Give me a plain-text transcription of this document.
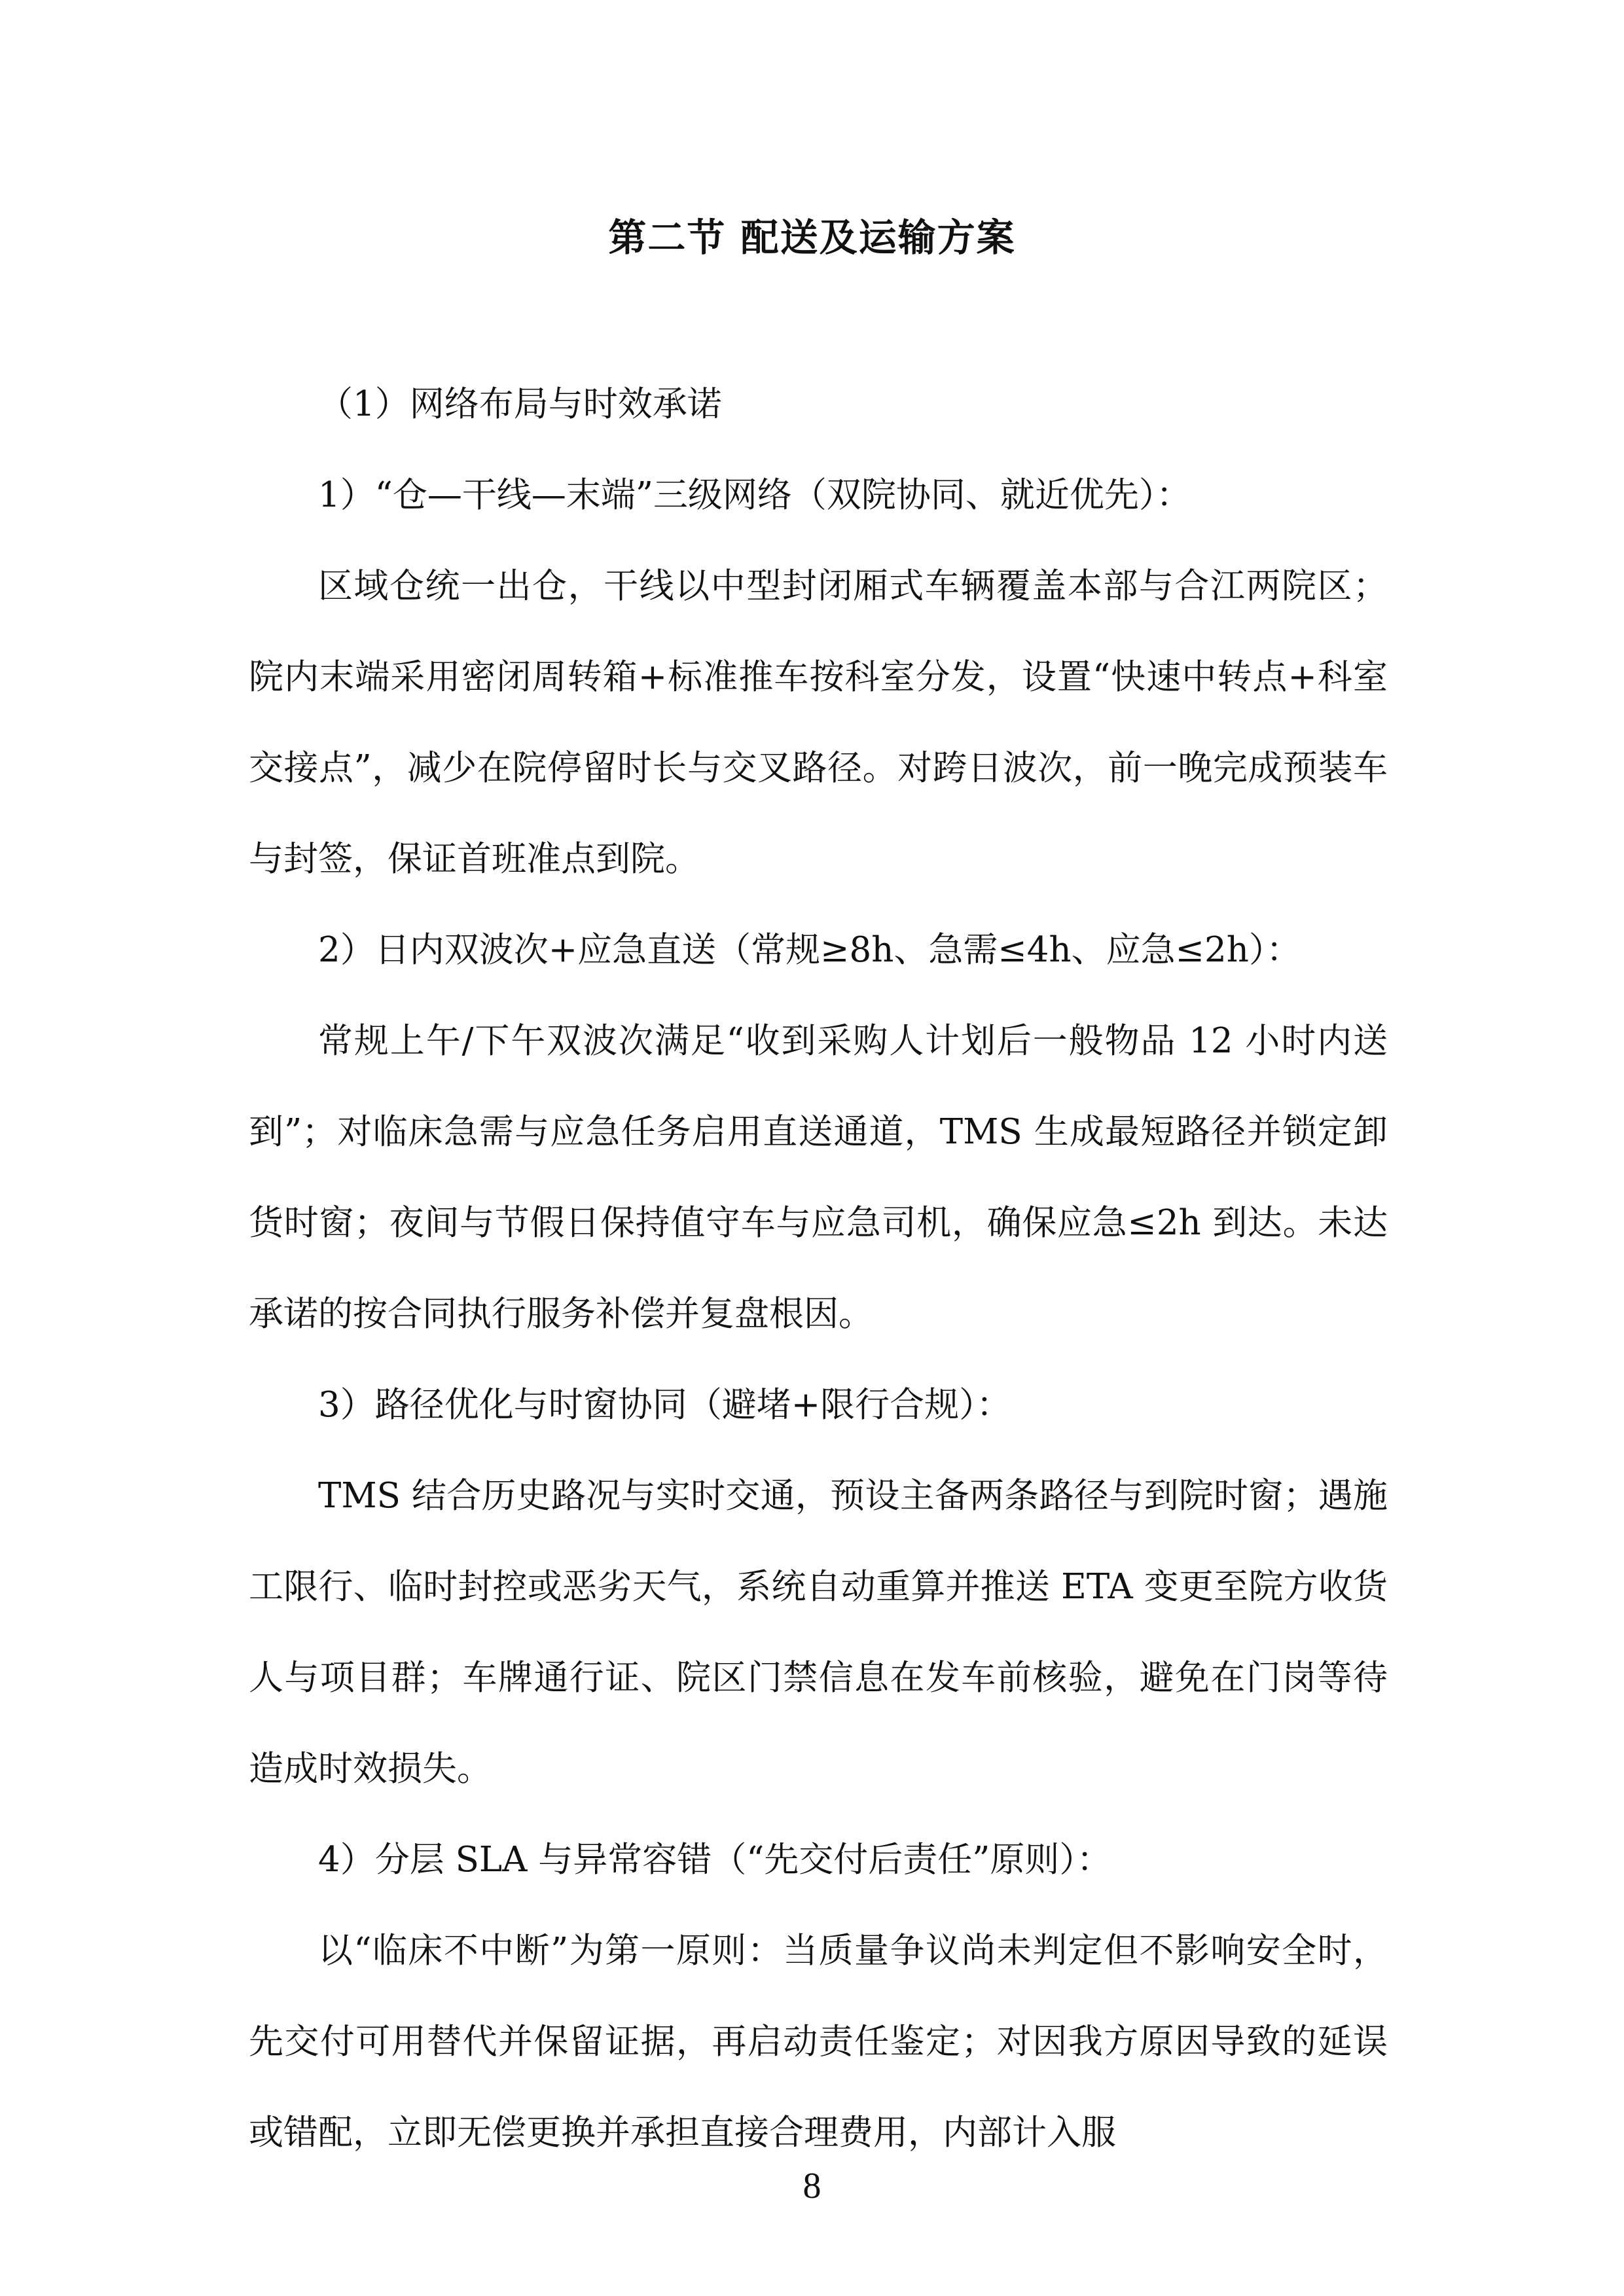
第二节 配送及运输方案

（1）网络布局与时效承诺

1）“仓—干线—末端”三级网络（双院协同、就近优先）：

区域仓统一出仓，干线以中型封闭厢式车辆覆盖本部与合江两院区；院内末端采用密闭周转箱+标准推车按科室分发，设置“快速中转点+科室交接点”，减少在院停留时长与交叉路径。对跨日波次，前一晚完成预装车与封签，保证首班准点到院。

2）日内双波次+应急直送（常规≥8h、急需≤4h、应急≤2h）：

常规上午/下午双波次满足“收到采购人计划后一般物品 12 小时内送到”；对临床急需与应急任务启用直送通道，TMS 生成最短路径并锁定卸货时窗；夜间与节假日保持值守车与应急司机，确保应急≤2h 到达。未达承诺的按合同执行服务补偿并复盘根因。

3）路径优化与时窗协同（避堵+限行合规）：

TMS 结合历史路况与实时交通，预设主备两条路径与到院时窗；遇施工限行、临时封控或恶劣天气，系统自动重算并推送 ETA 变更至院方收货人与项目群；车牌通行证、院区门禁信息在发车前核验，避免在门岗等待造成时效损失。

4）分层 SLA 与异常容错（“先交付后责任”原则）：

以“临床不中断”为第一原则：当质量争议尚未判定但不影响安全时，先交付可用替代并保留证据，再启动责任鉴定；对因我方原因导致的延误或错配，立即无偿更换并承担直接合理费用，内部计入服

8
